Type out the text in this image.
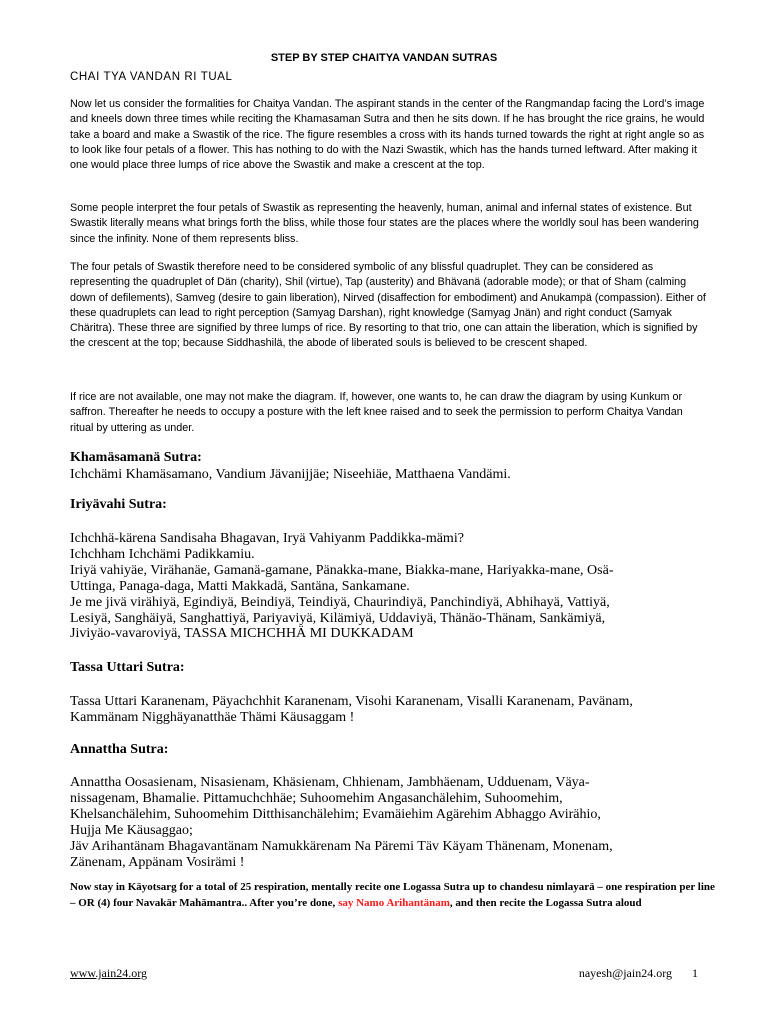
STEP BY STEP CHAITYA VANDAN SUTRAS
CHAI TYA VANDAN RI TUAL

Now let us consider the formalities for Chaitya Vandan. The aspirant stands in the center of the Rangmandap facing the Lord’s image and kneels down three times while reciting the Khamasaman Sutra and then he sits down. If he has brought the rice grains, he would take a board and make a Swastik of the rice. The figure resembles a cross with its hands turned towards the right at right angle so as to look like four petals of a flower. This has nothing to do with the Nazi Swastik, which has the hands turned leftward. After making it one would place three lumps of rice above the Swastik and make a crescent at the top.

Some people interpret the four petals of Swastik as representing the heavenly, human, animal and infernal states of existence. But Swastik literally means what brings forth the bliss, while those four states are the places where the worldly soul has been wandering since the infinity. None of them represents bliss.

The four petals of Swastik therefore need to be considered symbolic of any blissful quadruplet. They can be considered as representing the quadruplet of Dän (charity), Shil (virtue), Tap (austerity) and Bhävanä (adorable mode); or that of Sham (calming down of defilements), Samveg (desire to gain liberation), Nirved (disaffection for embodiment) and Anukampä (compassion). Either of these quadruplets can lead to right perception (Samyag Darshan), right knowledge (Samyag Jnän) and right conduct (Samyak Chäritra). These three are signified by three lumps of rice. By resorting to that trio, one can attain the liberation, which is signified by the crescent at the top; because Siddhashilä, the abode of liberated souls is believed to be crescent shaped.

If rice are not available, one may not make the diagram. If, however, one wants to, he can draw the diagram by using Kunkum or saffron. Thereafter he needs to occupy a posture with the left knee raised and to seek the permission to perform Chaitya Vandan ritual by uttering as under.

Khamäsamanä Sutra:

Ichchämi Khamäsamano, Vandium Jävanijjäe; Niseehiäe, Matthaena Vandämi.

Iriyävahi Sutra:

Ichchhä-kärena Sandisaha Bhagavan, Iryä Vahiyanm Paddikka-mämi?
Ichchham Ichchämi Padikkamiu.
Iriyä vahiyäe, Virähanäe, Gamanä-gamane, Pänakka-mane, Biakka-mane, Hariyakka-mane, Osä-
Uttinga, Panaga-daga, Matti Makkadä, Santäna, Sankamane.
Je me jivä virähiyä, Egindiyä, Beindiyä, Teindiyä, Chaurindiyä, Panchindiyä, Abhihayä, Vattiyä,
Lesiyä, Sanghäiyä, Sanghattiyä, Pariyaviyä, Kilämiyä, Uddaviyä, Thänäo-Thänam, Sankämiyä,
Jiviyäo-vavaroviyä, TASSA MICHCHHÄ MI DUKKADAM

Tassa Uttari Sutra:

Tassa Uttari Karanenam, Päyachchhit Karanenam, Visohi Karanenam, Visalli Karanenam, Pavänam,
Kammänam Nigghäyanatthäe Thämi Käusaggam !

Annattha Sutra:

Annattha Oosasienam, Nisasienam, Khäsienam, Chhienam, Jambhäenam, Udduenam, Väya-
nissagenam, Bhamalie. Pittamuchchhäe; Suhoomehim Angasanchälehim, Suhoomehim,
Khelsanchälehim, Suhoomehim Ditthisanchälehim; Evamäiehim Agärehim Abhaggo Avirähio,
Hujja Me Käusaggao;
Jäv Arihantänam Bhagavantänam Namukkärenam Na Päremi Täv Käyam Thänenam, Monenam,
Zänenam, Appänam Vosirämi !

Now stay in Käyotsarg for a total of 25 respiration, mentally recite one Logassa Sutra up to chandesu nimlayarä – one respiration per line – OR (4) four Navakär Mahämantra.. After you’re done, say Namo Arihantänam, and then recite the Logassa Sutra aloud

www.jain24.org	nayesh@jain24.org 1
